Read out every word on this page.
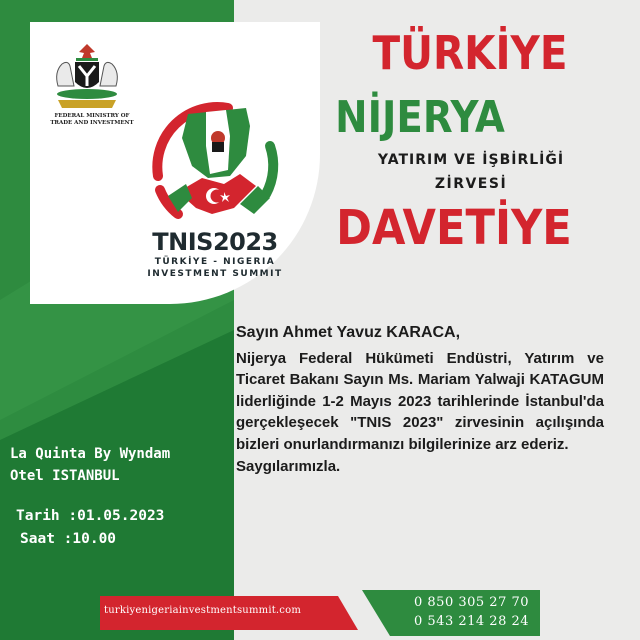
FEDERAL MINISTRY OF TRADE AND INVESTMENT
TNIS2023
TÜRKİYE - NIGERIA
INVESTMENT SUMMIT
TÜRKİYE
NİJERYA
YATIRIM VE İŞBİRLİĞİ
ZİRVESİ
DAVETİYE
Sayın Ahmet Yavuz KARACA,
Nijerya Federal Hükümeti Endüstri, Yatırım ve Ticaret Bakanı Sayın Ms. Mariam Yalwaji KATAGUM liderliğinde 1-2 Mayıs 2023 tarihlerinde İstanbul'da gerçekleşecek "TNIS 2023" zirvesinin açılışında bizleri onurlandırmanızı bilgilerinize arz ederiz.
Saygılarımızla.
La Quinta By Wyndam
Otel ISTANBUL
Tarih :01.05.2023
Saat :10.00
turkiyenigeriainvestmentsummit.com
0 850 305 27 70
0 543 214 28 24
